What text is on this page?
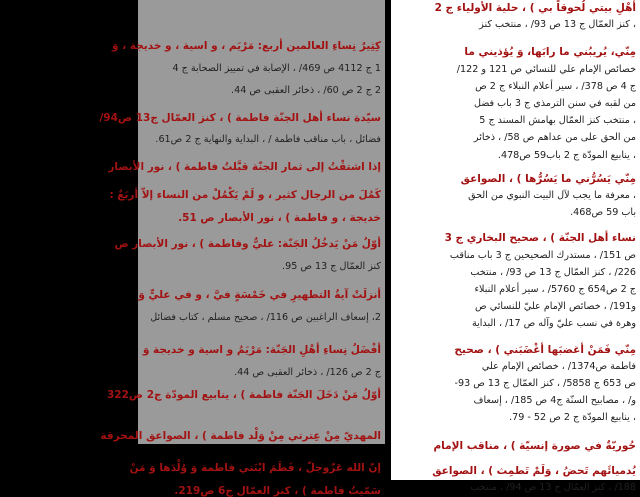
كِثِيرٌ نِساءِ العالمين أربع: مَرْيَم ، و اسية ، و خديجة ، وَ
1 ج 4112 ص 469/ ، الإصابة في تمييز الصحابة ج 4
2 ج 2 ص 60/ ، ذخائر العقبى ص 44.
سيّدة نساء أهل الجنّة فاطمة ) ، كنز العمّال ج13 ص94/
فضائل ، باب مناقب فاطمة / ، البداية والنهاية ج 2 ص61.
إذا اشتقْتُ إلى ثمار الجنّة قبَّلتُ فاطمة ) ، نور الأبصار
كَمُلَ من الرجال كثير ، و لَمْ يَكْمُلْ من النساء إلاّ أربَعٌ :
خديجة ، و فاطمة ) ، نور الأبصار ص 51.
أوّلُ مَنْ يَدخُلُ الجَنّة: عليٌّ وفاطمة ) ، نور الأبصار ص
كنز العمّال ج 13 ص 95.
أنزلَتْ آيةُ التطهيرِ في خَمْسَةٍ فيَّ ، و في عليٍّ وَ
2، إسعاف الراغبين ص 116/ ، صحيح مسلم ، كتاب فضائل
أفْضَلُ نِساءِ أهْلِ الجَنّة: مَرْيَمُ و اسية و خديجة وَ
ج 2 ص 126/ ، ذخائر العقبى ص 44.
أوّلُ مَنْ دَخَلَ الجَنّة فاطمة ) ، ينابيع المودّة ج2 ص322
المهديّ مِنْ عِترتي مِنْ وَلْد فاطمة ) ، الصواعق المحرقة
إنّ الله عَزّوجلّ ، فَطَمَ ابْنَتي فاطمة وَ وُلْدَها وَ مَنْ
سَمّيتُ فاطمة ) ، كنز العمّال ج6 ص219.
أهْلِ بيتي لُحوقاً بي ) ، حلية الأولياء ج 2
، كنز العمّال ج 13 ص 93/ ، منتخب كنز
مِنّي، يُريبُني ما رابَها، وَ يُؤذيني ما
خصائص الإمام علي للنسائي ص 121 و 122/
ج 4 ص 378/ ، سير أعلام النبلاء ج 2 ص
من لقبه في سنن الترمذي ج 3 باب فضل
، منتخب كنز العمّال بهامش المسند ج 5
من الحق على من عداهم ص 58/ ، ذخائر
، ينابيع المودّة ج 2 باب59 ص478.
مِنّي يَسُرُّني ما يَسُرُّها ) ، الصواعق
، معرفة ما يجب لآل البيت النبوي من الحق
باب 59 ص468.
نساء أهل الجنّة ) ، صحيح البخاري ج 3
ص 151/ ، مستدرك الصحيحين ج 3 باب مناقب
226/ ، كنز العمّال ج 13 ص 93/ ، منتخب
ج 2 ص654 ج 5760/ ، سير أعلام النبلاء
و191/ ، خصائص الإمام عليّ للنسائي ص
وهرة في نسب عليّ وآله ص 17/ ، البداية
مِنّي فَمَنْ أغضبَها أغْضَبَني ) ، صحيح
فاطمة ص1374/ ، خصائص الإمام علي
ص 653 ج 5858/ ، كنز العمّال ج 13 ص 93-
و/ ، مصابيح السنّة ج4 ص 185/ ، إسعاف
، ينابيع المودّة ج 2 ص 52 - 79.
حُوريّةٌ في صورة إنسيّة ) ، مناقب الإمام
يُدميائَهم تَحضُ ، وَلَمْ تَطمِث ) ، الصواعق
188/ ، كنز العمّال ج 13 ص 94/ ، منتخب
